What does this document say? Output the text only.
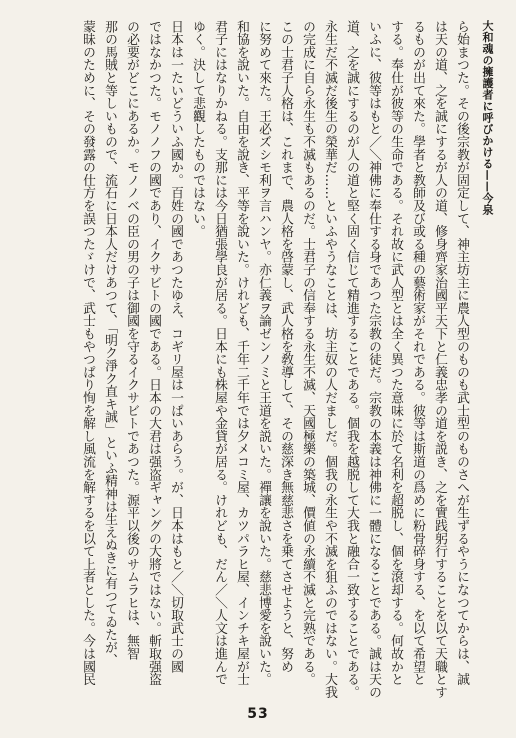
大和魂の擁護者に呼びかける——今泉
ら始まつた。その後宗教が固定して、神主坊主に農人型のものも武士型のものさへが生ずるやうになつてからは、誠
は天の道、之を誠にするが人の道、修身齊家治國平天下と仁義忠孝の道を説き、之を實践躬行することを以て天職とす
るものが出て來た。學者と教師及び或る種の藝術家がそれである。彼等は斯道の爲めに粉骨碎身する、を以て希望と
する。奉仕が彼等の生命である。それ故に武人型とは全く異つた意味に於て名利を超脱し、個を滾却する。何故かと
いふに、彼等はもと／＼神佛に奉仕する身であつた宗教の徒だ。宗教の本義は神佛に一體になることである。誠は天の
道、之を誠にするのが人の道と堅く固く信じて精進することである。個我を越脱して大我と融合一致することである。
永生だ不滅だ後生の榮華だ……といふやうなことは、坊主奴の人だましだ。個我の永生や不滅を狙ふのではない。大我
の完成に自ら永生も不滅もあるのだ。士君子の信奉する永生不滅、天國極樂の築城、價値の永續不滅と完熟である。
この士君子人格は、これまで、農人格を啓蒙し、武人格を敎導して、その慈深き無慈悲さを乗てさせようと、努め
に努めて來た。王必ズシモ利ヲ言ハンヤ。亦仁義ヲ論ゼンノミと王道を説いた。禪讓を說いた。慈悲博愛を說いた。
和協を說いた。自由を說き、平等を說いた。けれども、千年二千年では夕メコミ屋、カツパラヒ屋、インチキ屋が士
君子にはなりかねる。支那には今日猶張學良が居る。日本にも株屋や金貸が居る。けれども、だん／＼人文は進んで
ゆく。決して悲觀したものではない。
日本は一たいどういふ國か。百姓の國であつたゆえ、コギリ屋は一ぱいあらう。が、日本はもと／＼切取武士の國
ではなかつた。モノノフの國であり、イクサビトの國である。日本の大君は强盗ギャングの大將ではない。斬取强盗
の必要がどこにあるか。モノノベの臣の男の子は御國を守るイクサビトであつた。源平以後のサムラヒは、無智
那の馬賊と等しいもので、流石に日本人だけあつて、「明ク淨ク直キ誠」といふ精神は生えぬきに有つてゐたが、
蒙昧のために、その發露の仕方を誤つたゞけで、武士もやつぱり恂を解し風流を解するを以て上者とした。今は國民
53
